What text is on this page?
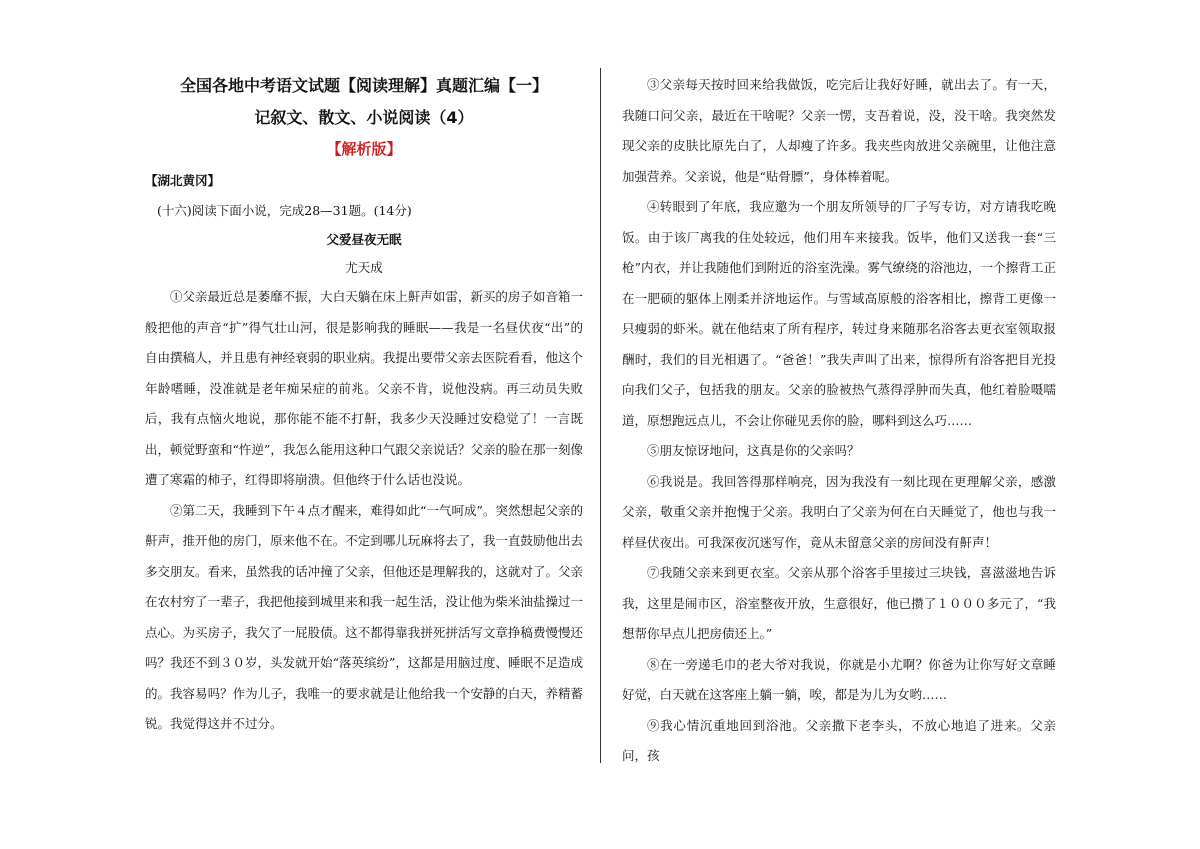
全国各地中考语文试题【阅读理解】真题汇编【一】
记叙文、散文、小说阅读（4）
【解析版】
【湖北黄冈】
(十六)阅读下面小说，完成28—31题。(14分)
父爱昼夜无眠
尤天成

①父亲最近总是萎靡不振，大白天躺在床上鼾声如雷，新买的房子如音箱一般把他的声音“扩”得气壮山河，很是影响我的睡眠——我是一名昼伏夜“出”的自由撰稿人，并且患有神经衰弱的职业病。我提出要带父亲去医院看看，他这个年龄嗜睡，没准就是老年痴呆症的前兆。父亲不肯，说他没病。再三动员失败后，我有点恼火地说，那你能不能不打鼾，我多少天没睡过安稳觉了！一言既出，顿觉野蛮和“忤逆”，我怎么能用这种口气跟父亲说话？父亲的脸在那一刻像遭了寒霜的柿子，红得即将崩溃。但他终于什么话也没说。

②第二天，我睡到下午４点才醒来，难得如此“一气呵成”。突然想起父亲的鼾声，推开他的房门，原来他不在。不定到哪儿玩麻将去了，我一直鼓励他出去多交朋友。看来，虽然我的话冲撞了父亲，但他还是理解我的，这就对了。父亲在农村穷了一辈子，我把他接到城里来和我一起生活，没让他为柴米油盐操过一点心。为买房子，我欠了一屁股债。这不都得靠我拼死拼活写文章挣稿费慢慢还吗？我还不到３０岁，头发就开始“落英缤纷”，这都是用脑过度、睡眠不足造成的。我容易吗？作为儿子，我唯一的要求就是让他给我一个安静的白天，养精蓄锐。我觉得这并不过分。

③父亲每天按时回来给我做饭，吃完后让我好好睡，就出去了。有一天，我随口问父亲，最近在干啥呢？父亲一愣，支吾着说，没，没干啥。我突然发现父亲的皮肤比原先白了，人却瘦了许多。我夹些肉放进父亲碗里，让他注意加强营养。父亲说，他是“贴骨膘”，身体棒着呢。

④转眼到了年底，我应邀为一个朋友所领导的厂子写专访，对方请我吃晚饭。由于该厂离我的住处较远，他们用车来接我。饭毕，他们又送我一套“三枪”内衣，并让我随他们到附近的浴室洗澡。雾气缭绕的浴池边，一个擦背工正在一肥硕的躯体上刚柔并济地运作。与雪域高原般的浴客相比，擦背工更像一只瘦弱的虾米。就在他结束了所有程序，转过身来随那名浴客去更衣室领取报酬时，我们的目光相遇了。“爸爸！”我失声叫了出来，惊得所有浴客把目光投向我们父子，包括我的朋友。父亲的脸被热气蒸得浮肿而失真，他红着脸嗫嚅道，原想跑远点儿，不会让你碰见丢你的脸，哪料到这么巧……

⑤朋友惊讶地问，这真是你的父亲吗？

⑥我说是。我回答得那样响亮，因为我没有一刻比现在更理解父亲，感激父亲，敬重父亲并抱愧于父亲。我明白了父亲为何在白天睡觉了，他也与我一样昼伏夜出。可我深夜沉迷写作，竟从未留意父亲的房间没有鼾声！

⑦我随父亲来到更衣室。父亲从那个浴客手里接过三块钱，喜滋滋地告诉我，这里是闹市区，浴室整夜开放，生意很好，他已攒了１０００多元了，“我想帮你早点儿把房债还上。”

⑧在一旁递毛巾的老大爷对我说，你就是小尤啊？你爸为让你写好文章睡好觉，白天就在这客座上躺一躺，唉，都是为儿为女哟……

⑨我心情沉重地回到浴池。父亲撒下老李头，不放心地追了进来。父亲问，孩
